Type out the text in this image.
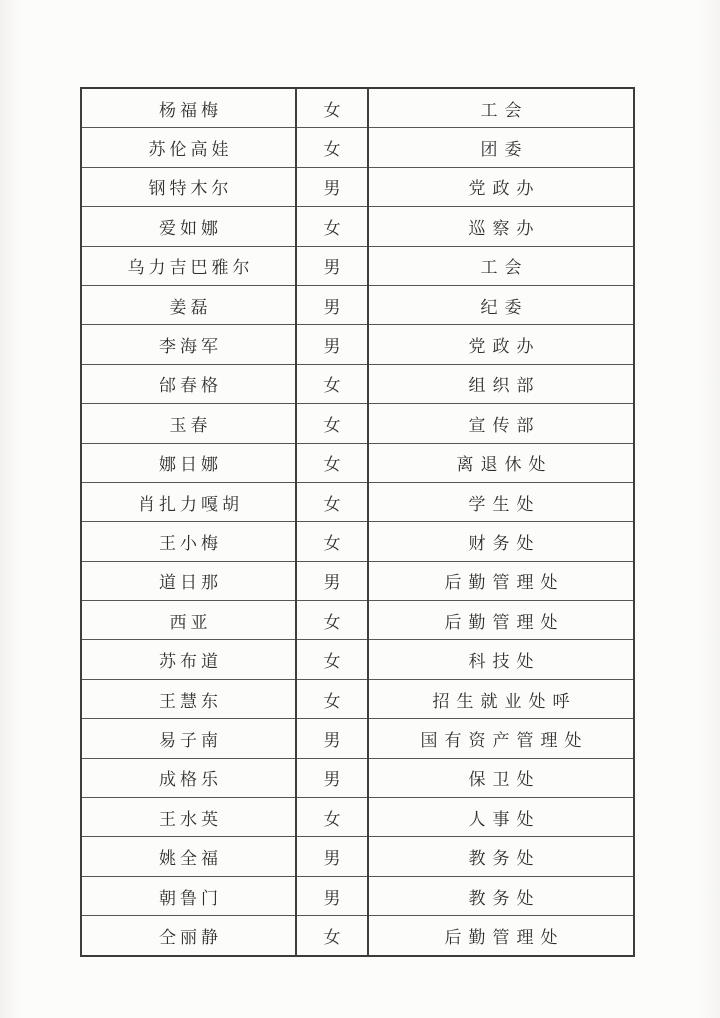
杨福梅	女	工会
苏伦高娃	女	团委
钢特木尔	男	党政办
爱如娜	女	巡察办
乌力吉巴雅尔	男	工会
姜磊	男	纪委
李海军	男	党政办
邰春格	女	组织部
玉春	女	宣传部
娜日娜	女	离退休处
肖扎力嘎胡	女	学生处
王小梅	女	财务处
道日那	男	后勤管理处
西亚	女	后勤管理处
苏布道	女	科技处
王慧东	女	招生就业处呼
易子南	男	国有资产管理处
成格乐	男	保卫处
王水英	女	人事处
姚全福	男	教务处
朝鲁门	男	教务处
仝丽静	女	后勤管理处
